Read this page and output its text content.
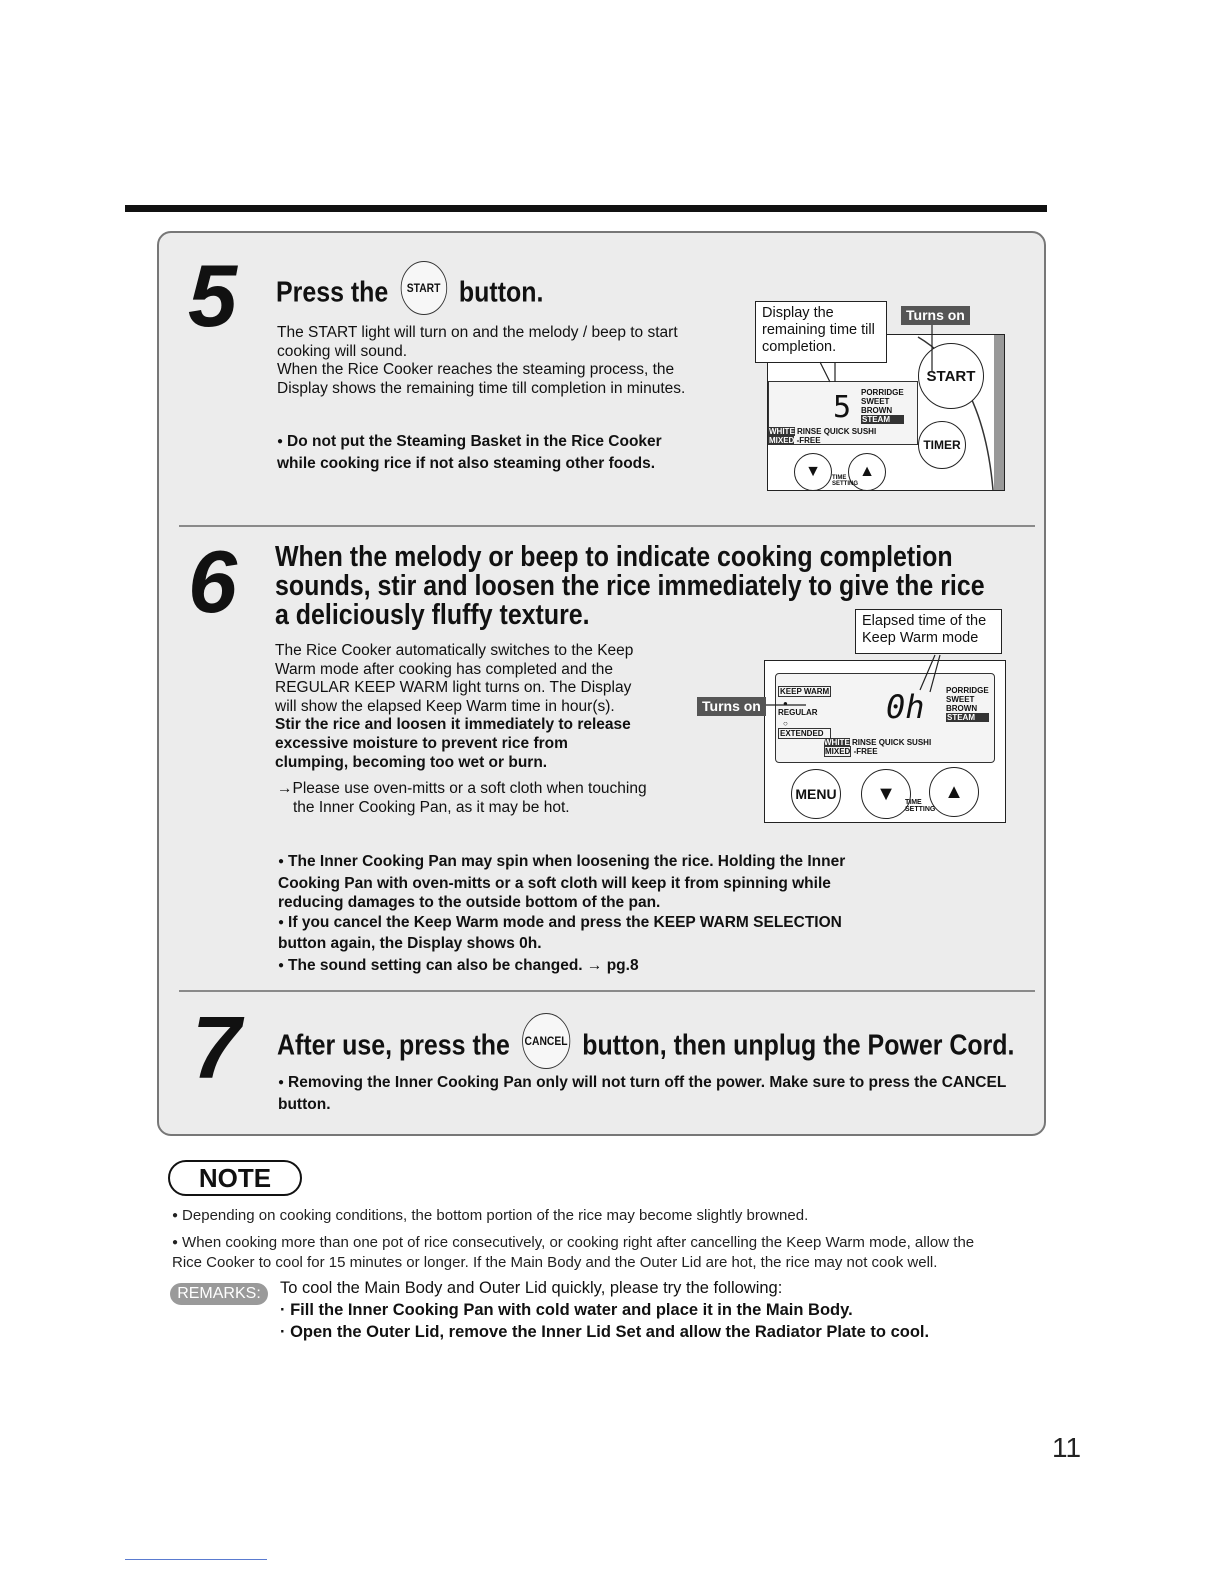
5 Press the START button.
The START light will turn on and the melody / beep to start
cooking will sound.
When the Rice Cooker reaches the steaming process, the
Display shows the remaining time till completion in minutes.
● Do not put the Steaming Basket in the Rice Cooker
while cooking rice if not also steaming other foods.
5 PORRIDGE
SWEET
BROWN
STEAM
WHITE RINSE QUICK SUSHI
MIXED -FREE
START
TIMER
▼ ▲
TIME
SETTING
Display the
remaining time till
completion.
Turns on
6 When the melody or beep to indicate cooking completion
sounds, stir and loosen the rice immediately to give the rice
a deliciously fluffy texture.
The Rice Cooker automatically switches to the Keep
Warm mode after cooking has completed and the
REGULAR KEEP WARM light turns on. The Display
will show the elapsed Keep Warm time in hour(s).
Stir the rice and loosen it immediately to release
excessive moisture to prevent rice from
clumping, becoming too wet or burn.
→Please use oven-mitts or a soft cloth when touching
the Inner Cooking Pan, as it may be hot.
● The Inner Cooking Pan may spin when loosening the rice. Holding the Inner
Cooking Pan with oven-mitts or a soft cloth will keep it from spinning while
reducing damages to the outside bottom of the pan.
● If you cancel the Keep Warm mode and press the KEEP WARM SELECTION
button again, the Display shows 0h.
● The sound setting can also be changed. → pg.8
KEEP WARM
●
REGULAR
○
EXTENDED
0h	PORRIDGE
SWEET
BROWN
STEAM
WHITE RINSE QUICK SUSHI
MIXED -FREE
MENU ▼ ▲
TIME
SETTING
Elapsed time of the
Keep Warm mode
Turns on
7 After use, press the CANCEL button, then unplug the Power Cord.
● Removing the Inner Cooking Pan only will not turn off the power. Make sure to press the CANCEL
button.
NOTE
● Depending on cooking conditions, the bottom portion of the rice may become slightly browned.
● When cooking more than one pot of rice consecutively, or cooking right after cancelling the Keep Warm mode, allow the
Rice Cooker to cool for 15 minutes or longer. If the Main Body and the Outer Lid are hot, the rice may not cook well.
REMARKS:	To cool the Main Body and Outer Lid quickly, please try the following:
· Fill the Inner Cooking Pan with cold water and place it in the Main Body.
· Open the Outer Lid, remove the Inner Lid Set and allow the Radiator Plate to cool.
11
